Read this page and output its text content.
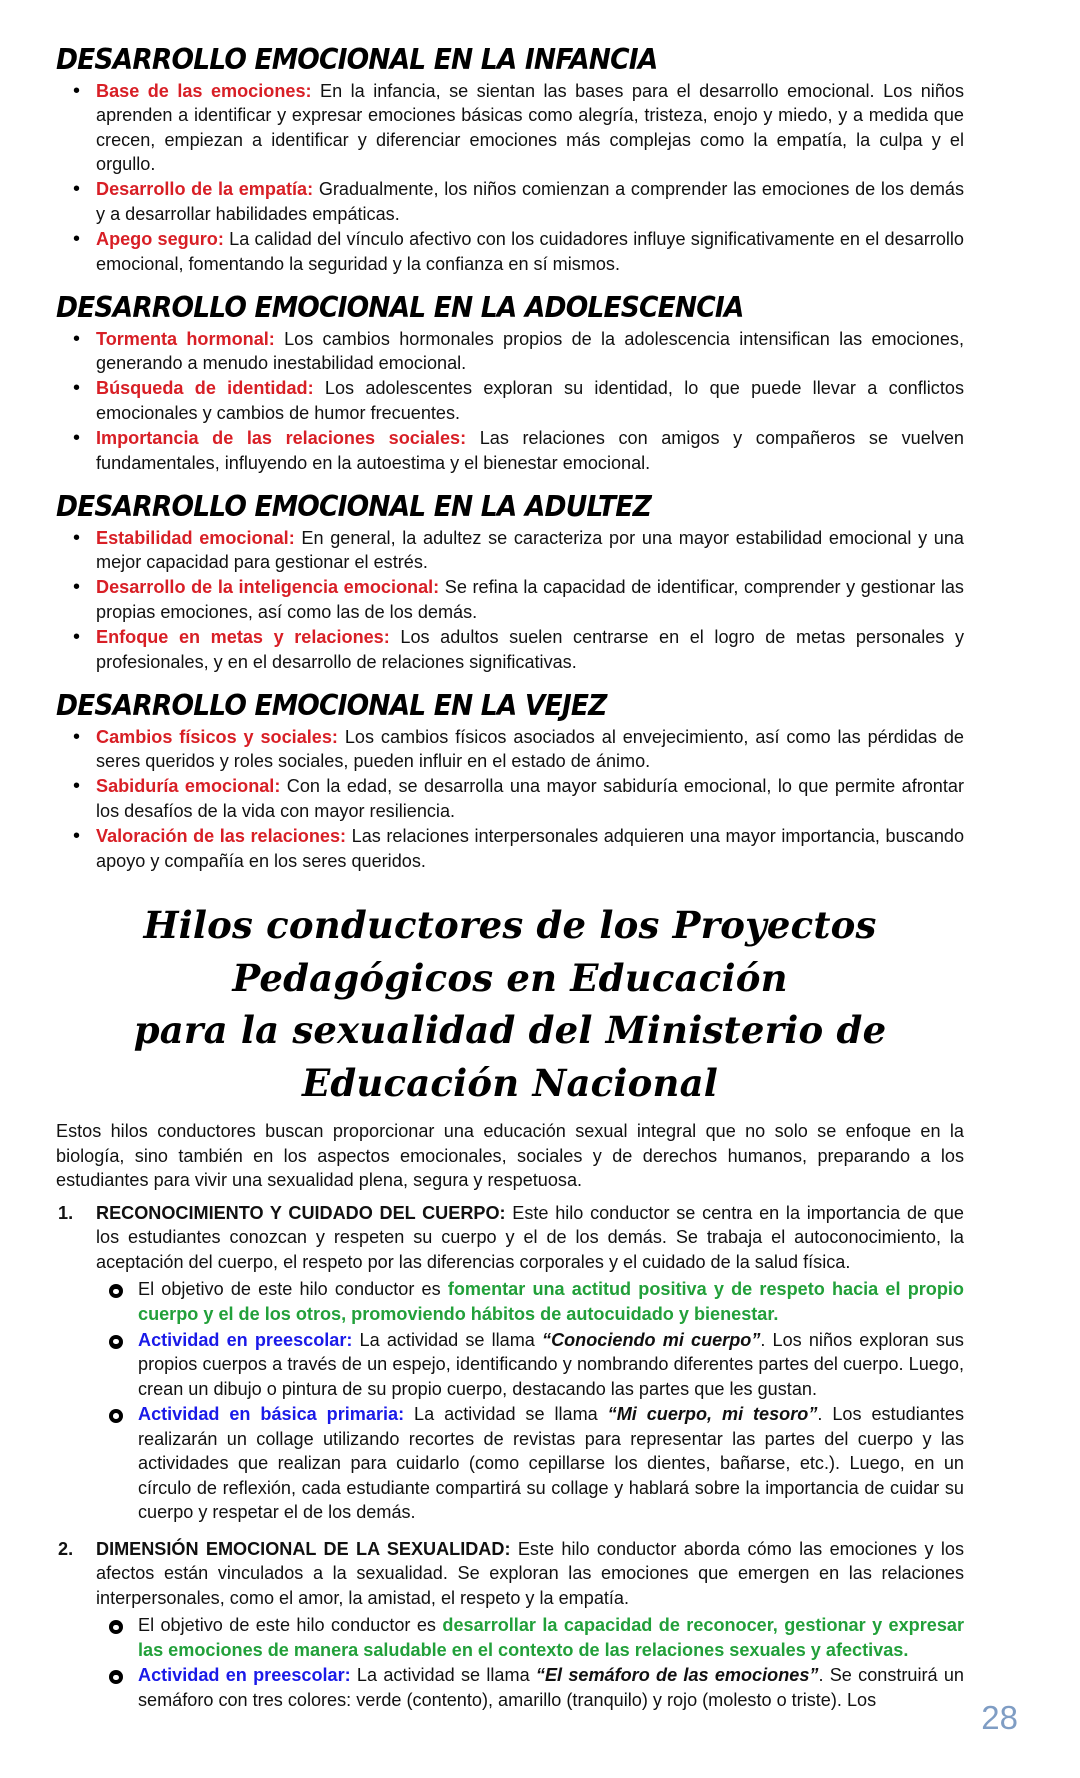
DESARROLLO EMOCIONAL EN LA INFANCIA
• Base de las emociones: En la infancia, se sientan las bases para el desarrollo emocional. Los niños aprenden a identificar y expresar emociones básicas como alegría, tristeza, enojo y miedo, y a medida que crecen, empiezan a identificar y diferenciar emociones más complejas como la empatía, la culpa y el orgullo.
• Desarrollo de la empatía: Gradualmente, los niños comienzan a comprender las emociones de los demás y a desarrollar habilidades empáticas.
• Apego seguro: La calidad del vínculo afectivo con los cuidadores influye significativamente en el desarrollo emocional, fomentando la seguridad y la confianza en sí mismos.
DESARROLLO EMOCIONAL EN LA ADOLESCENCIA
• Tormenta hormonal: Los cambios hormonales propios de la adolescencia intensifican las emociones, generando a menudo inestabilidad emocional.
• Búsqueda de identidad: Los adolescentes exploran su identidad, lo que puede llevar a conflictos emocionales y cambios de humor frecuentes.
• Importancia de las relaciones sociales: Las relaciones con amigos y compañeros se vuelven fundamentales, influyendo en la autoestima y el bienestar emocional.
DESARROLLO EMOCIONAL EN LA ADULTEZ
• Estabilidad emocional: En general, la adultez se caracteriza por una mayor estabilidad emocional y una mejor capacidad para gestionar el estrés.
• Desarrollo de la inteligencia emocional: Se refina la capacidad de identificar, comprender y gestionar las propias emociones, así como las de los demás.
• Enfoque en metas y relaciones: Los adultos suelen centrarse en el logro de metas personales y profesionales, y en el desarrollo de relaciones significativas.
DESARROLLO EMOCIONAL EN LA VEJEZ
• Cambios físicos y sociales: Los cambios físicos asociados al envejecimiento, así como las pérdidas de seres queridos y roles sociales, pueden influir en el estado de ánimo.
• Sabiduría emocional: Con la edad, se desarrolla una mayor sabiduría emocional, lo que permite afrontar los desafíos de la vida con mayor resiliencia.
• Valoración de las relaciones: Las relaciones interpersonales adquieren una mayor importancia, buscando apoyo y compañía en los seres queridos.
Hilos conductores de los Proyectos Pedagógicos en Educación
para la sexualidad del Ministerio de Educación Nacional

Estos hilos conductores buscan proporcionar una educación sexual integral que no solo se enfoque en la biología, sino también en los aspectos emocionales, sociales y de derechos humanos, preparando a los estudiantes para vivir una sexualidad plena, segura y respetuosa.

RECONOCIMIENTO Y CUIDADO DEL CUERPO: Este hilo conductor se centra en la importancia de que los estudiantes conozcan y respeten su cuerpo y el de los demás. Se trabaja el autoconocimiento, la aceptación del cuerpo, el respeto por las diferencias corporales y el cuidado de la salud física.
El objetivo de este hilo conductor es fomentar una actitud positiva y de respeto hacia el propio cuerpo y el de los otros, promoviendo hábitos de autocuidado y bienestar.
Actividad en preescolar: La actividad se llama “Conociendo mi cuerpo”. Los niños exploran sus propios cuerpos a través de un espejo, identificando y nombrando diferentes partes del cuerpo. Luego, crean un dibujo o pintura de su propio cuerpo, destacando las partes que les gustan.
Actividad en básica primaria: La actividad se llama “Mi cuerpo, mi tesoro”. Los estudiantes realizarán un collage utilizando recortes de revistas para representar las partes del cuerpo y las actividades que realizan para cuidarlo (como cepillarse los dientes, bañarse, etc.). Luego, en un círculo de reflexión, cada estudiante compartirá su collage y hablará sobre la importancia de cuidar su cuerpo y respetar el de los demás.
DIMENSIÓN EMOCIONAL DE LA SEXUALIDAD: Este hilo conductor aborda cómo las emociones y los afectos están vinculados a la sexualidad. Se exploran las emociones que emergen en las relaciones interpersonales, como el amor, la amistad, el respeto y la empatía.
El objetivo de este hilo conductor es desarrollar la capacidad de reconocer, gestionar y expresar las emociones de manera saludable en el contexto de las relaciones sexuales y afectivas.
Actividad en preescolar: La actividad se llama “El semáforo de las emociones”. Se construirá un semáforo con tres colores: verde (contento), amarillo (tranquilo) y rojo (molesto o triste). Los	28
